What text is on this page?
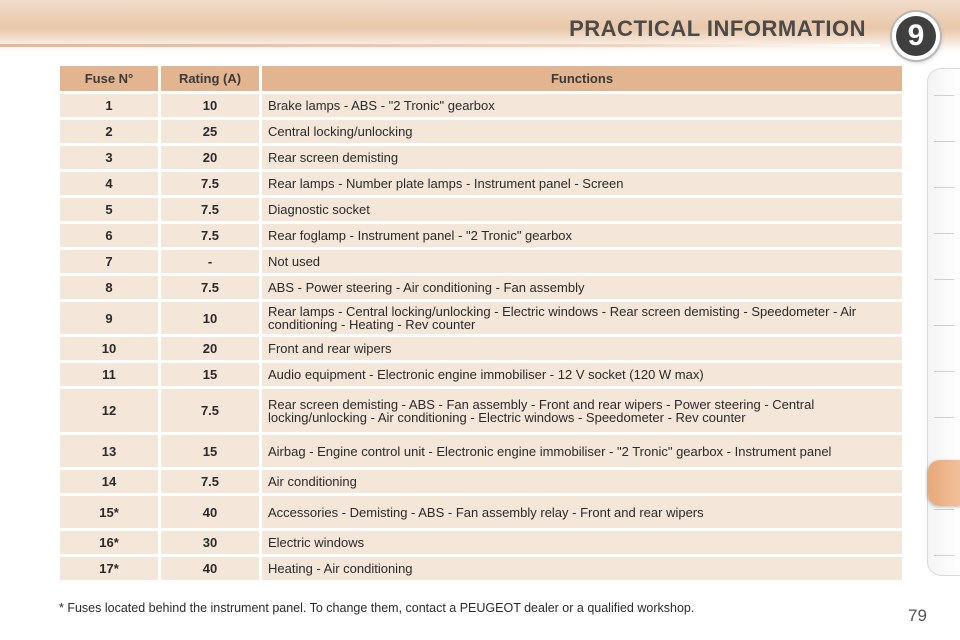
PRACTICAL INFORMATION	9
Fuse N°	Rating (A)	Functions
1	10	Brake lamps - ABS - "2 Tronic" gearbox
2	25	Central locking/unlocking
3	20	Rear screen demisting
4	7.5	Rear lamps - Number plate lamps - Instrument panel - Screen
5	7.5	Diagnostic socket
6	7.5	Rear foglamp - Instrument panel - "2 Tronic" gearbox
7	-	Not used
8	7.5	ABS - Power steering - Air conditioning - Fan assembly
9	10	Rear lamps - Central locking/unlocking - Electric windows - Rear screen demisting - Speedometer - Air conditioning - Heating - Rev counter
10	20	Front and rear wipers
11	15	Audio equipment - Electronic engine immobiliser - 12 V socket (120 W max)
12	7.5	Rear screen demisting - ABS - Fan assembly - Front and rear wipers - Power steering - Central locking/unlocking - Air conditioning - Electric windows - Speedometer - Rev counter
13	15	Airbag - Engine control unit - Electronic engine immobiliser - "2 Tronic" gearbox - Instrument panel
14	7.5	Air conditioning
15*	40	Accessories - Demisting - ABS - Fan assembly relay - Front and rear wipers
16*	30	Electric windows
17*	40	Heating - Air conditioning
* Fuses located behind the instrument panel. To change them, contact a PEUGEOT dealer or a qualified workshop.	79
